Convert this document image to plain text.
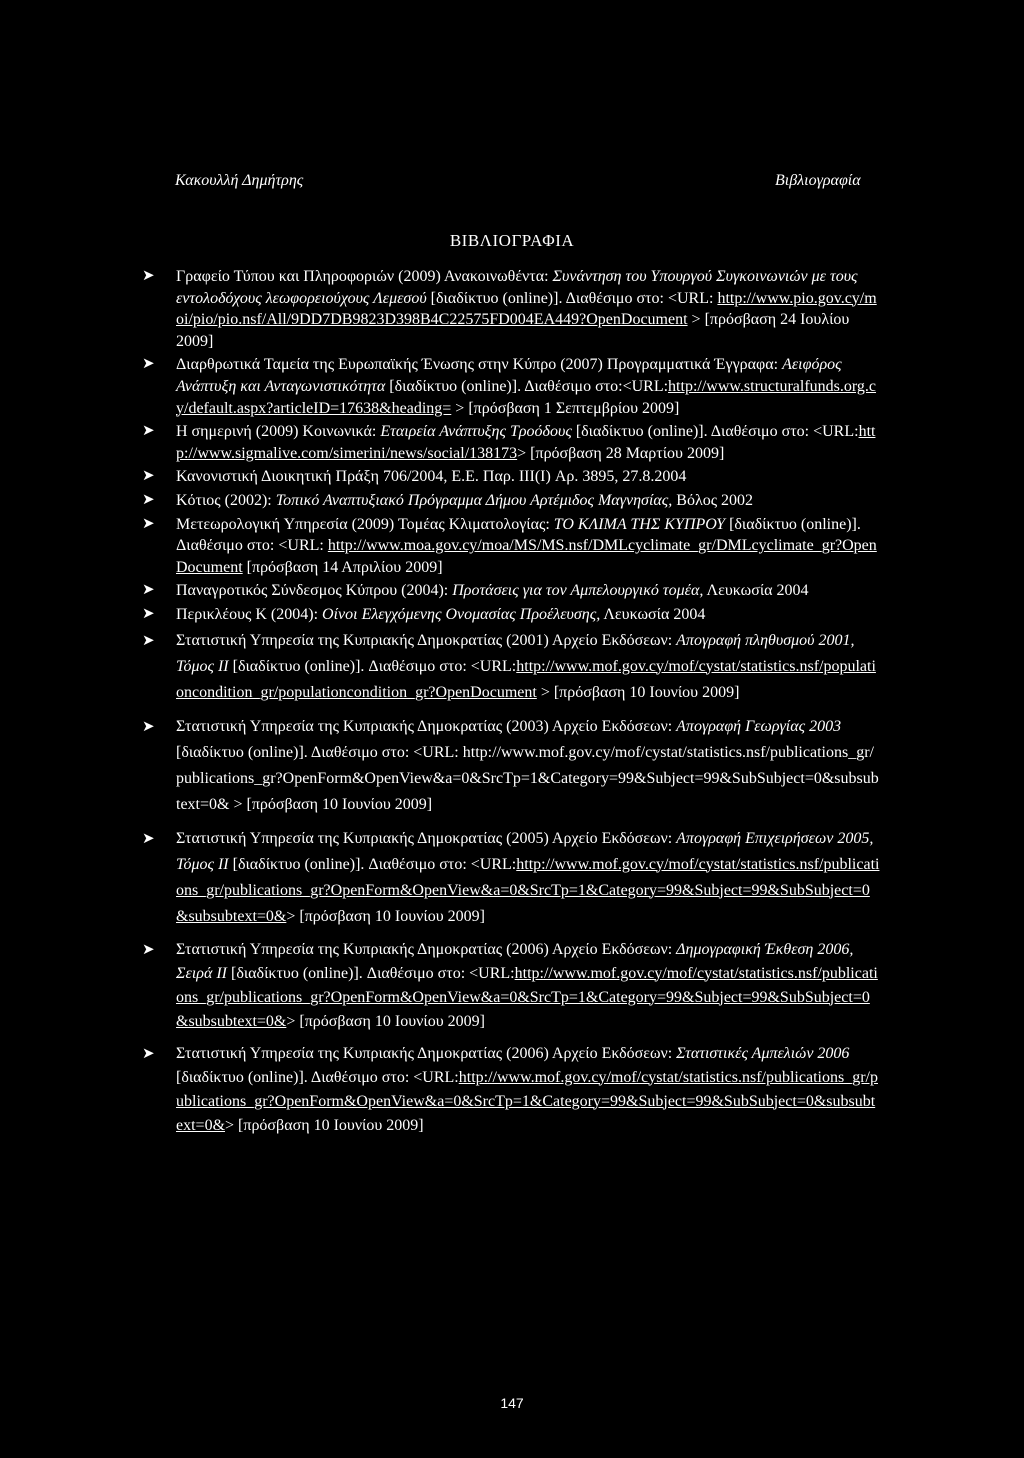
Κακουλλή Δημήτρης	Βιβλιογραφία
ΒΙΒΛΙΟΓΡΑΦΙΑ
➤ Γραφείο Τύπου και Πληροφοριών (2009) Ανακοινωθέντα: Συνάντηση του Υπουργού Συγκοινωνιών με τους εντολοδόχους λεωφορειούχους Λεμεσού [διαδίκτυο (online)]. Διαθέσιμο στο: <URL: http://www.pio.gov.cy/moi/pio/pio.nsf/All/9DD7DB9823D398B4C22575FD004EA449?OpenDocument > [πρόσβαση 24 Ιουλίου 2009]

➤ Διαρθρωτικά Ταμεία της Ευρωπαϊκής Ένωσης στην Κύπρο (2007) Προγραμματικά Έγγραφα: Αειφόρος Ανάπτυξη και Ανταγωνιστικότητα [διαδίκτυο (online)]. Διαθέσιμο στο:<URL:http://www.structuralfunds.org.cy/default.aspx?articleID=17638&heading= > [πρόσβαση 1 Σεπτεμβρίου 2009]

➤ Η σημερινή (2009) Κοινωνικά: Εταιρεία Ανάπτυξης Τροόδους [διαδίκτυο (online)]. Διαθέσιμο στο: <URL:http://www.sigmalive.com/simerini/news/social/138173> [πρόσβαση 28 Μαρτίου 2009]

➤ Κανονιστική Διοικητική Πράξη 706/2004, Ε.Ε. Παρ. III(I) Αρ. 3895, 27.8.2004

➤ Κότιος (2002): Τοπικό Αναπτυξιακό Πρόγραμμα Δήμου Αρτέμιδος Μαγνησίας, Βόλος 2002

➤ Μετεωρολογική Υπηρεσία (2009) Τομέας Κλιματολογίας: ΤΟ ΚΛΙΜΑ ΤΗΣ ΚΥΠΡΟΥ [διαδίκτυο (online)]. Διαθέσιμο στο: <URL: http://www.moa.gov.cy/moa/MS/MS.nsf/DMLcyclimate_gr/DMLcyclimate_gr?OpenDocument [πρόσβαση 14 Απριλίου 2009]

➤ Παναγροτικός Σύνδεσμος Κύπρου (2004): Προτάσεις για τον Αμπελουργικό τομέα, Λευκωσία 2004

➤ Περικλέους Κ (2004): Οίνοι Ελεγχόμενης Ονομασίας Προέλευσης, Λευκωσία 2004

➤ Στατιστική Υπηρεσία της Κυπριακής Δημοκρατίας (2001) Αρχείο Εκδόσεων: Απογραφή πληθυσμού 2001, Τόμος II [διαδίκτυο (online)]. Διαθέσιμο στο: <URL:http://www.mof.gov.cy/mof/cystat/statistics.nsf/populationcondition_gr/populationcondition_gr?OpenDocument > [πρόσβαση 10 Ιουνίου 2009]

➤ Στατιστική Υπηρεσία της Κυπριακής Δημοκρατίας (2003) Αρχείο Εκδόσεων: Απογραφή Γεωργίας 2003 [διαδίκτυο (online)]. Διαθέσιμο στο: <URL: http://www.mof.gov.cy/mof/cystat/statistics.nsf/publications_gr/publications_gr?OpenForm&OpenView&a=0&SrcTp=1&Category=99&Subject=99&SubSubject=0&subsubtext=0& > [πρόσβαση 10 Ιουνίου 2009]

➤ Στατιστική Υπηρεσία της Κυπριακής Δημοκρατίας (2005) Αρχείο Εκδόσεων: Απογραφή Επιχειρήσεων 2005, Τόμος II [διαδίκτυο (online)]. Διαθέσιμο στο: <URL:http://www.mof.gov.cy/mof/cystat/statistics.nsf/publications_gr/publications_gr?OpenForm&OpenView&a=0&SrcTp=1&Category=99&Subject=99&SubSubject=0&subsubtext=0&> [πρόσβαση 10 Ιουνίου 2009]

➤ Στατιστική Υπηρεσία της Κυπριακής Δημοκρατίας (2006) Αρχείο Εκδόσεων: Δημογραφική Έκθεση 2006, Σειρά II [διαδίκτυο (online)]. Διαθέσιμο στο: <URL:http://www.mof.gov.cy/mof/cystat/statistics.nsf/publications_gr/publications_gr?OpenForm&OpenView&a=0&SrcTp=1&Category=99&Subject=99&SubSubject=0&subsubtext=0&> [πρόσβαση 10 Ιουνίου 2009]

➤ Στατιστική Υπηρεσία της Κυπριακής Δημοκρατίας (2006) Αρχείο Εκδόσεων: Στατιστικές Αμπελιών 2006 [διαδίκτυο (online)]. Διαθέσιμο στο: <URL:http://www.mof.gov.cy/mof/cystat/statistics.nsf/publications_gr/publications_gr?OpenForm&OpenView&a=0&SrcTp=1&Category=99&Subject=99&SubSubject=0&subsubtext=0&> [πρόσβαση 10 Ιουνίου 2009]

147
